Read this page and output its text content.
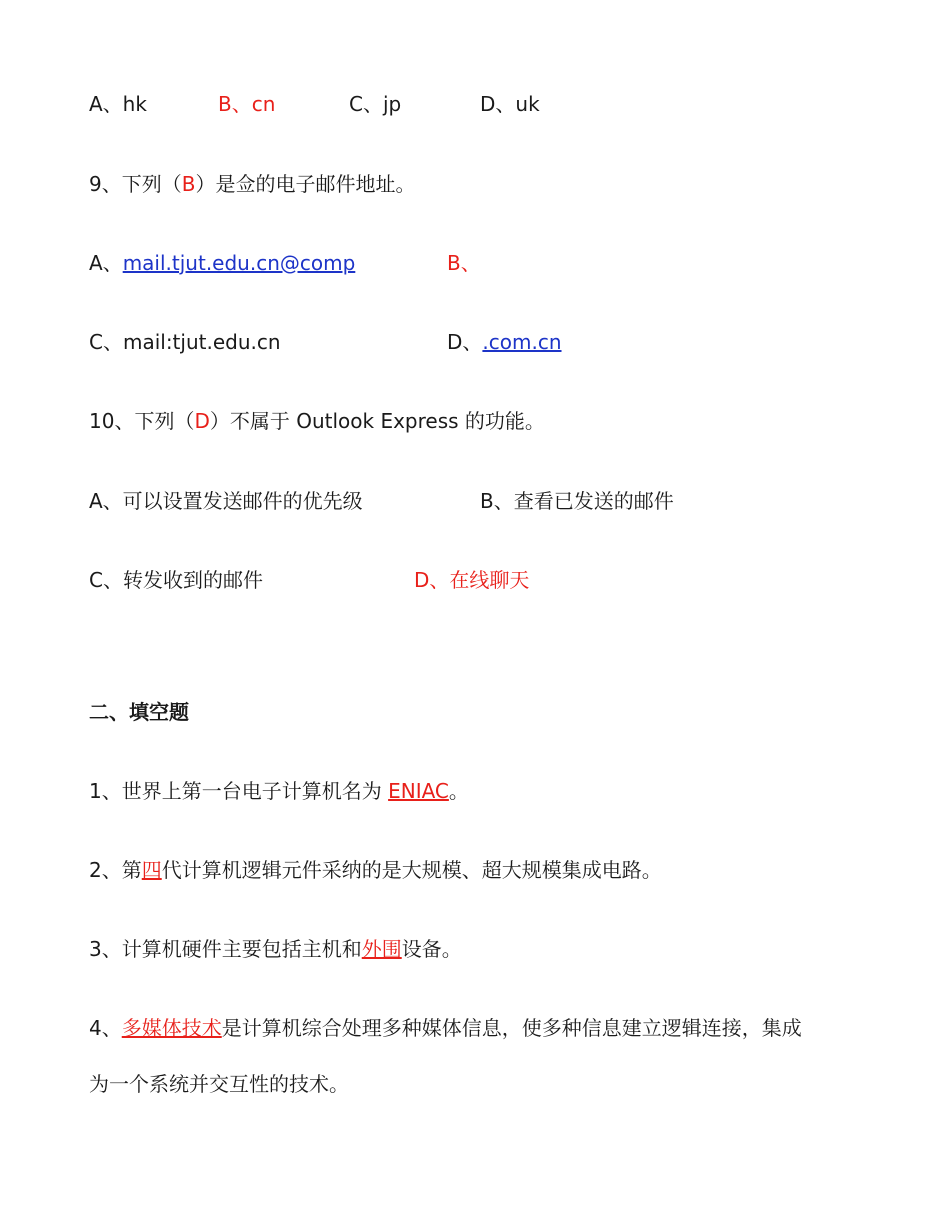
A、hk	B、cn	C、jp	D、uk
9、下列（B）是佥的电子邮件地址。
A、mail.tjut.edu.cn@comp	B、
C、mail:tjut.edu.cn	D、.com.cn
10、下列（D）不属于 Outlook Express 的功能。
A、可以设置发送邮件的优先级	B、查看已发送的邮件
C、转发收到的邮件	D、在线聊天
二、填空题
1、世界上第一台电子计算机名为 ENIAC。
2、第四代计算机逻辑元件采纳的是大规模、超大规模集成电路。
3、计算机硬件主要包括主机和外围设备。
4、多媒体技术是计算机综合处理多种媒体信息，使多种信息建立逻辑连接，集成
为一个系统并交互性的技术。
